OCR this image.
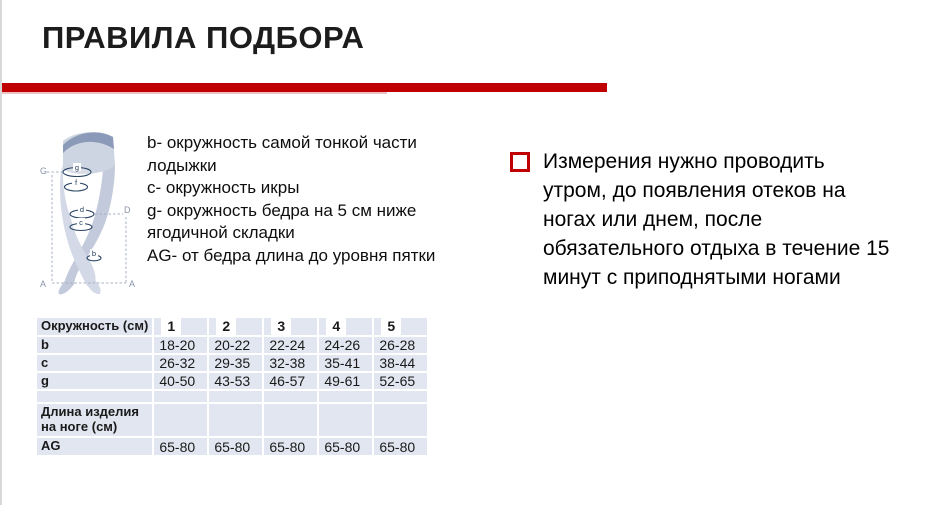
ПРАВИЛА ПОДБОРА
g
f
d
c
b
G
D
A	A
b- окружность самой тонкой части лодыжки
c- окружность икры
g- окружность бедра на 5 см ниже ягодичной складки
AG- от бедра длина до уровня пятки
Измерения нужно проводить
утром, до появления отеков на
ногах или днем, после
обязательного отдыха в течение 15
минут с приподнятыми ногами
Окружность (см)	1	2	3	4	5
b	18-20	20-22	22-24	24-26	26-28
c	26-32	29-35	32-38	35-41	38-44
g	40-50	43-53	46-57	49-61	52-65

Длина изделия на ноге (см)					
AG	65-80	65-80	65-80	65-80	65-80
